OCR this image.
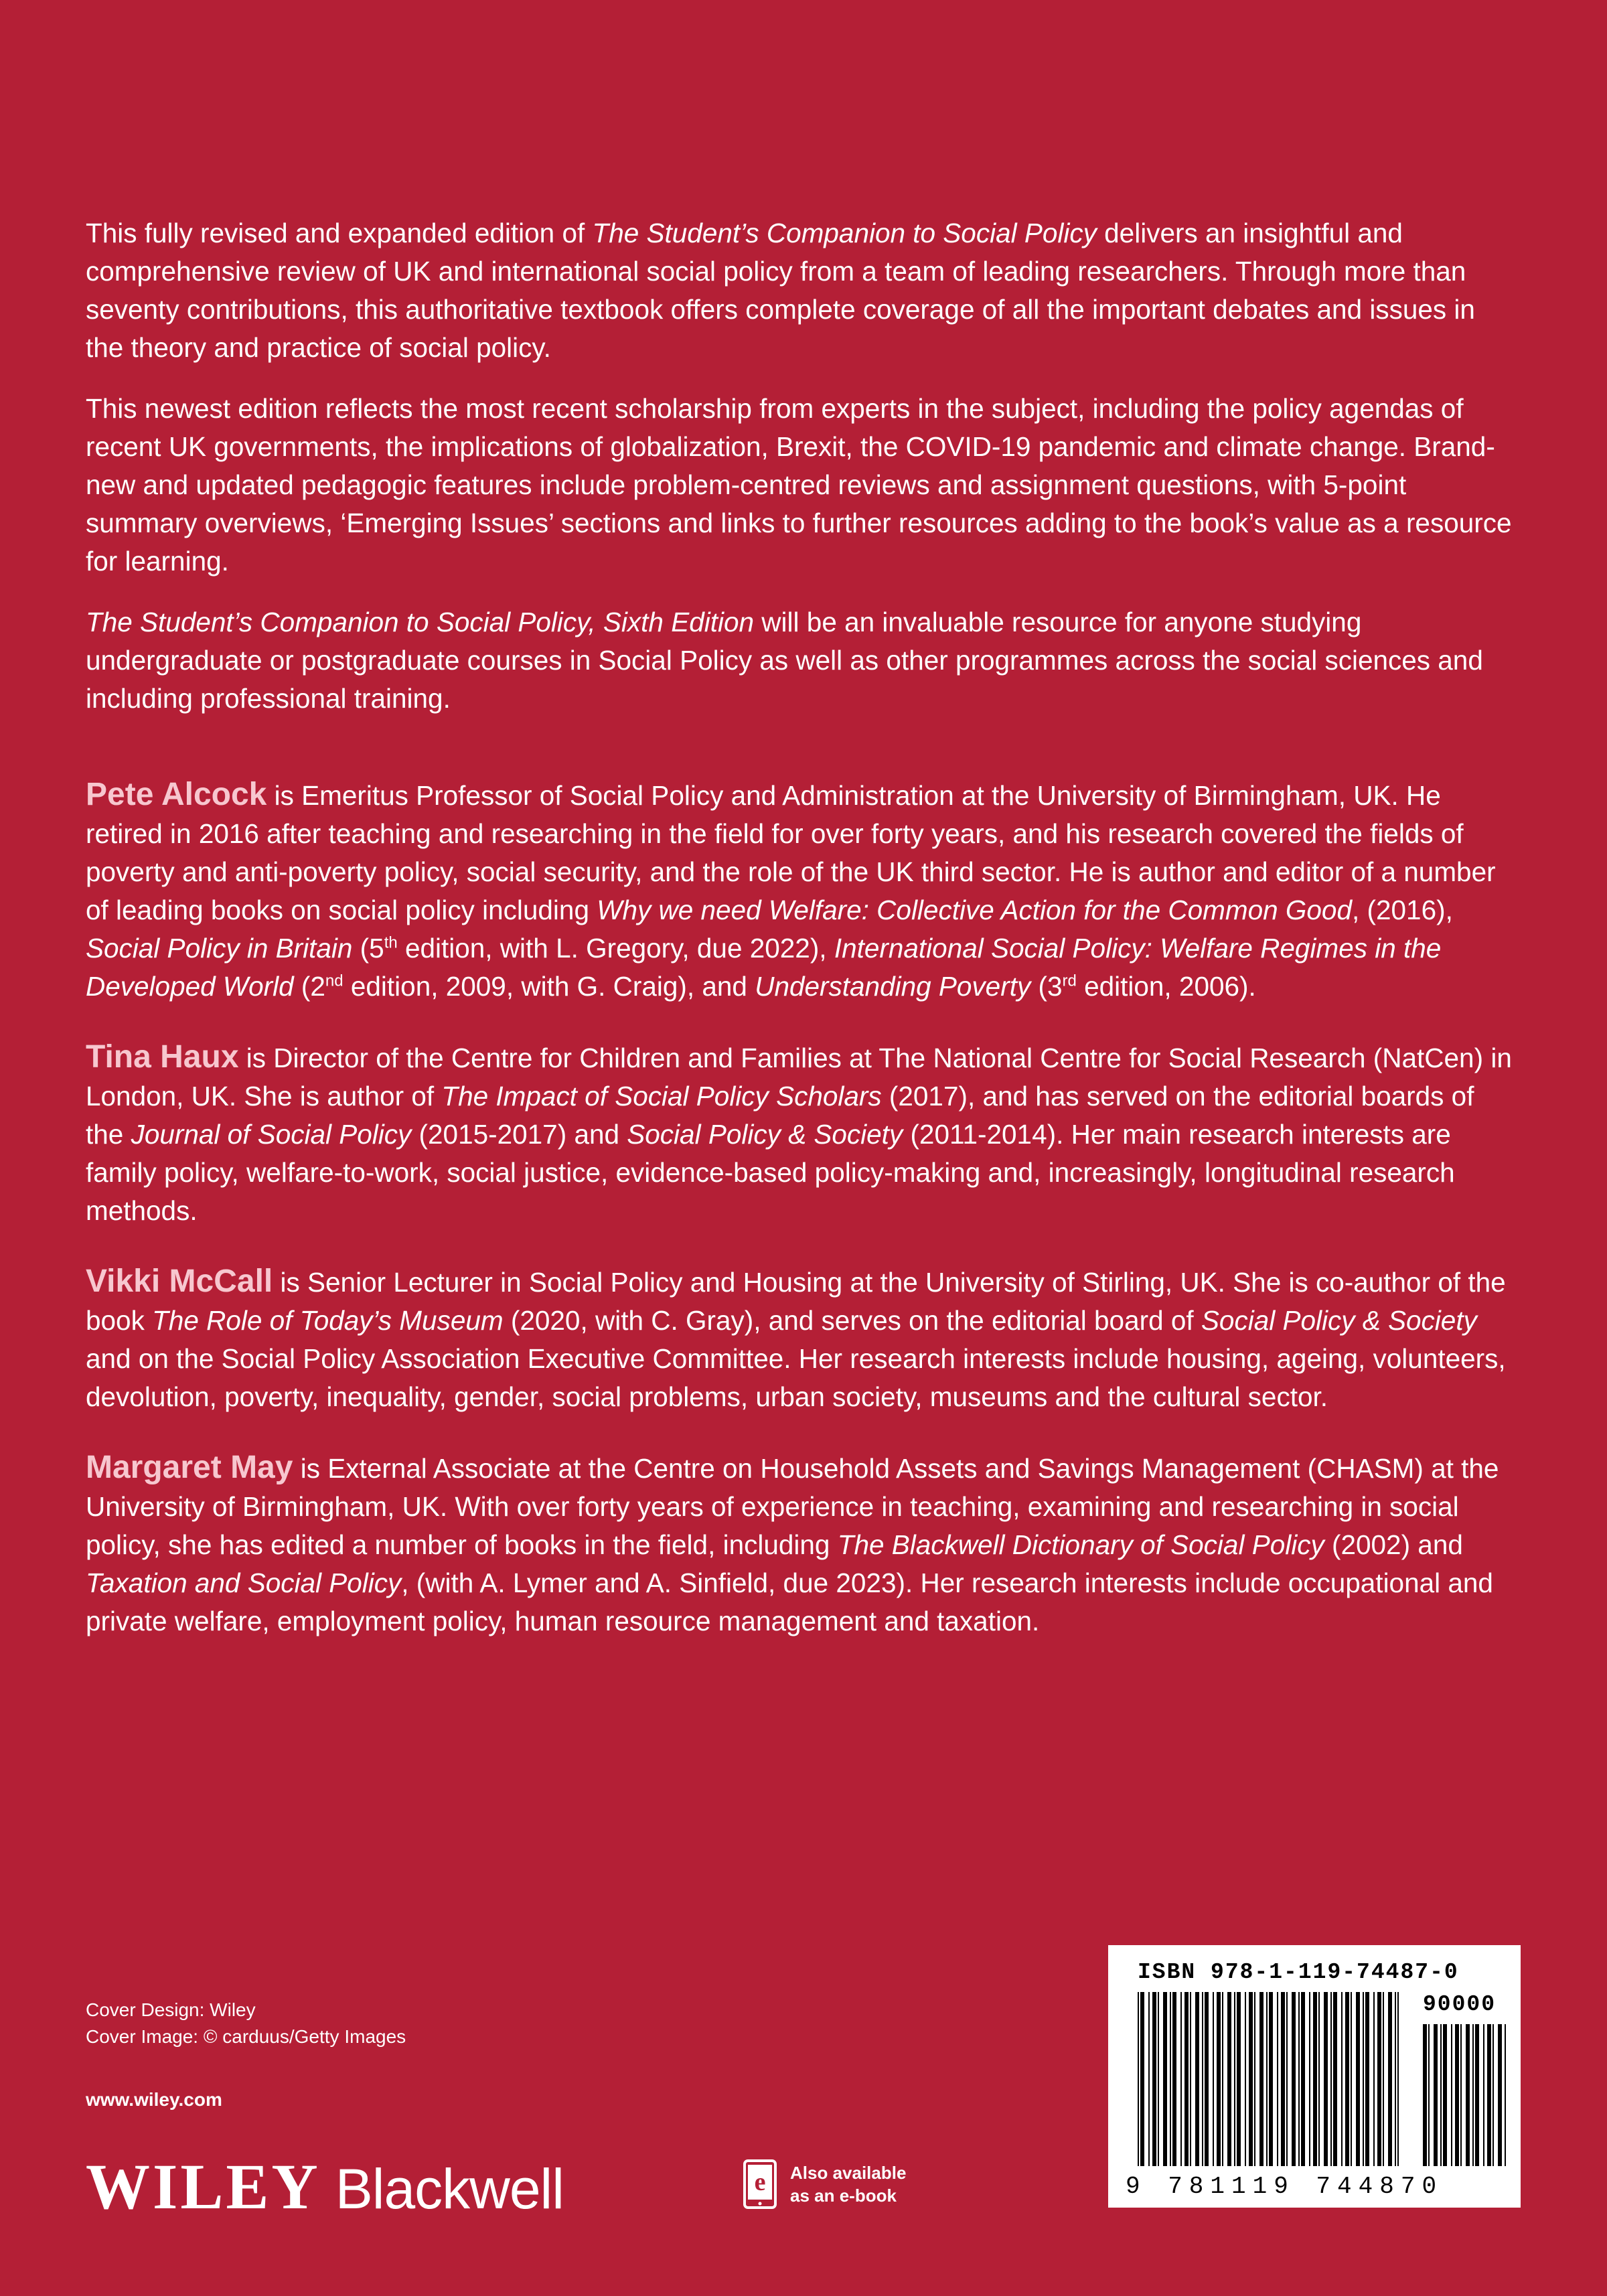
This fully revised and expanded edition of The Student’s Companion to Social Policy delivers an insightful and comprehensive review of UK and international social policy from a team of leading researchers. Through more than seventy contributions, this authoritative textbook offers complete coverage of all the important debates and issues in the theory and practice of social policy.

This newest edition reflects the most recent scholarship from experts in the subject, including the policy agendas of recent UK governments, the implications of globalization, Brexit, the COVID-19 pandemic and climate change. Brand-new and updated pedagogic features include problem-centred reviews and assignment questions, with 5-point summary overviews, ‘Emerging Issues’ sections and links to further resources adding to the book’s value as a resource for learning.

The Student’s Companion to Social Policy, Sixth Edition will be an invaluable resource for anyone studying undergraduate or postgraduate courses in Social Policy as well as other programmes across the social sciences and including professional training.

Pete Alcock is Emeritus Professor of Social Policy and Administration at the University of Birmingham, UK. He retired in 2016 after teaching and researching in the field for over forty years, and his research covered the fields of poverty and anti-poverty policy, social security, and the role of the UK third sector. He is author and editor of a number of leading books on social policy including Why we need Welfare: Collective Action for the Common Good, (2016), Social Policy in Britain (5th edition, with L. Gregory, due 2022), International Social Policy: Welfare Regimes in the Developed World (2nd edition, 2009, with G. Craig), and Understanding Poverty (3rd edition, 2006).

Tina Haux is Director of the Centre for Children and Families at The National Centre for Social Research (NatCen) in London, UK. She is author of The Impact of Social Policy Scholars (2017), and has served on the editorial boards of the Journal of Social Policy (2015-2017) and Social Policy & Society (2011-2014). Her main research interests are family policy, welfare-to-work, social justice, evidence-based policy-making and, increasingly, longitudinal research methods.

Vikki McCall is Senior Lecturer in Social Policy and Housing at the University of Stirling, UK. She is co-author of the book The Role of Today’s Museum (2020, with C. Gray), and serves on the editorial board of Social Policy & Society and on the Social Policy Association Executive Committee. Her research interests include housing, ageing, volunteers, devolution, poverty, inequality, gender, social problems, urban society, museums and the cultural sector.

Margaret May is External Associate at the Centre on Household Assets and Savings Management (CHASM) at the University of Birmingham, UK. With over forty years of experience in teaching, examining and researching in social policy, she has edited a number of books in the field, including The Blackwell Dictionary of Social Policy (2002) and Taxation and Social Policy, (with A. Lymer and A. Sinfield, due 2023). Her research interests include occupational and private welfare, employment policy, human resource management and taxation.

Cover Design: Wiley
Cover Image: © carduus/Getty Images
www.wiley.com
WILEY Blackwell	e Also available
as an e-book
ISBN 978-1-119-74487-0
90000
9 781119 744870
